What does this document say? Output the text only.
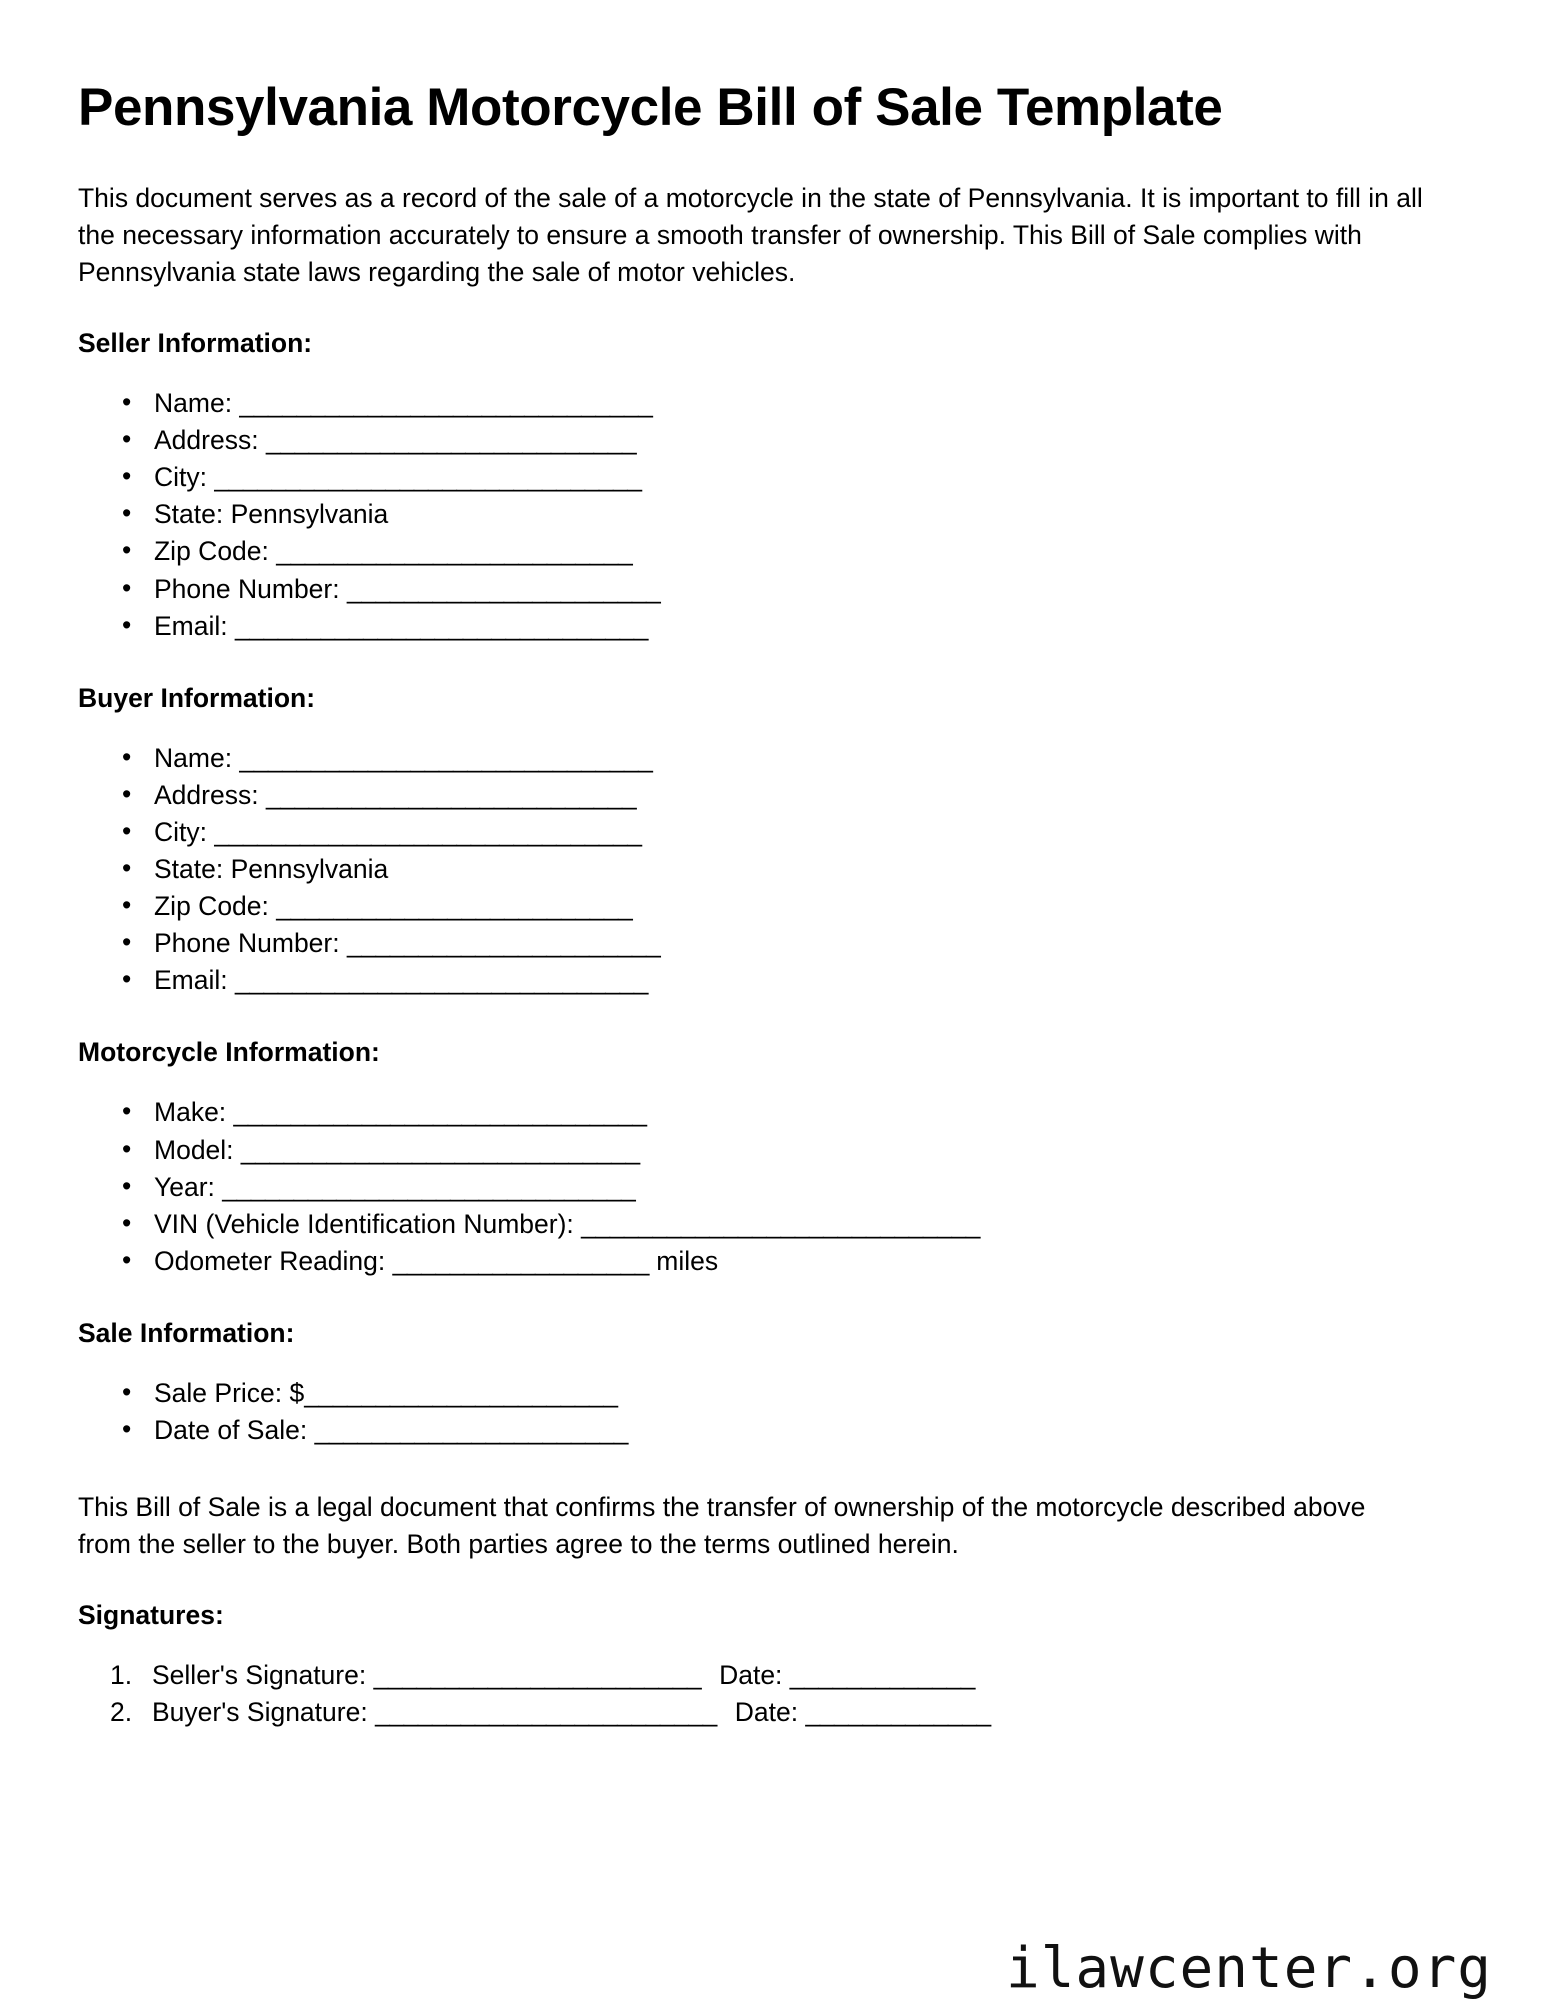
Pennsylvania Motorcycle Bill of Sale Template

This document serves as a record of the sale of a motorcycle in the state of Pennsylvania. It is important to fill in all the necessary information accurately to ensure a smooth transfer of ownership. This Bill of Sale complies with Pennsylvania state laws regarding the sale of motor vehicles.

Seller Information:
• Name: _____________________________
• Address: __________________________
• City: ______________________________
• State: Pennsylvania
• Zip Code: _________________________
• Phone Number: ______________________
• Email: _____________________________
Buyer Information:
• Name: _____________________________
• Address: __________________________
• City: ______________________________
• State: Pennsylvania
• Zip Code: _________________________
• Phone Number: ______________________
• Email: _____________________________
Motorcycle Information:
• Make: _____________________________
• Model: ____________________________
• Year: _____________________________
• VIN (Vehicle Identification Number): ____________________________
• Odometer Reading: __________________ miles
Sale Information:
• Sale Price: $______________________
• Date of Sale: ______________________

This Bill of Sale is a legal document that confirms the transfer of ownership of the motorcycle described above from the seller to the buyer. Both parties agree to the terms outlined herein.

Signatures:
Seller's Signature: _______________________ Date: _____________
Buyer's Signature: ________________________ Date: _____________
ilawcenter.org
